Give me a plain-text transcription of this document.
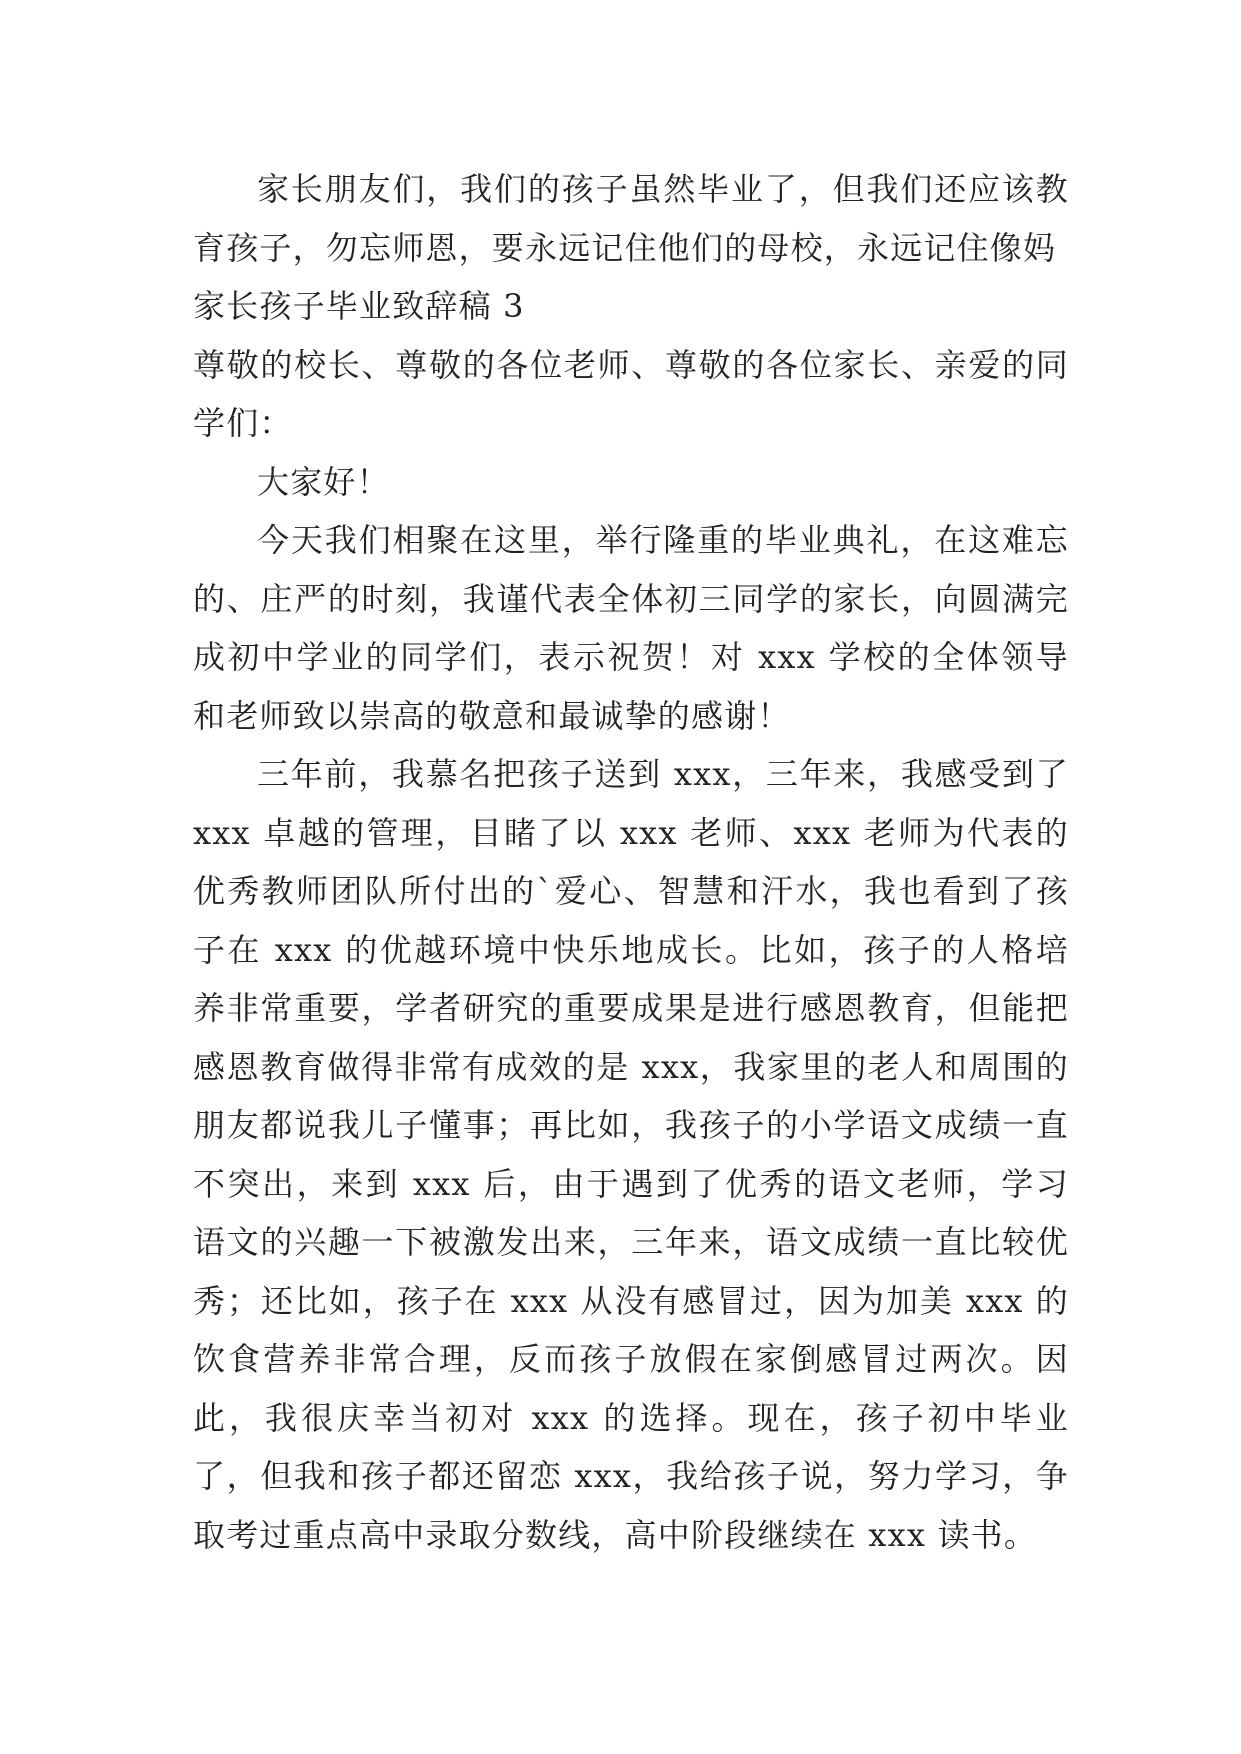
家长朋友们，我们的孩子虽然毕业了，但我们还应该教育孩子，勿忘师恩，要永远记住他们的母校，永远记住像妈

家长孩子毕业致辞稿 3

尊敬的校长、尊敬的各位老师、尊敬的各位家长、亲爱的同学们：

大家好！

今天我们相聚在这里，举行隆重的毕业典礼，在这难忘的、庄严的时刻，我谨代表全体初三同学的家长，向圆满完成初中学业的同学们，表示祝贺！对 xxx 学校的全体领导和老师致以崇高的敬意和最诚挚的感谢！

三年前，我慕名把孩子送到 xxx，三年来，我感受到了 xxx 卓越的管理，目睹了以 xxx 老师、xxx 老师为代表的优秀教师团队所付出的`爱心、智慧和汗水，我也看到了孩子在 xxx 的优越环境中快乐地成长。比如，孩子的人格培养非常重要，学者研究的重要成果是进行感恩教育，但能把感恩教育做得非常有成效的是 xxx，我家里的老人和周围的朋友都说我儿子懂事；再比如，我孩子的小学语文成绩一直不突出，来到 xxx 后，由于遇到了优秀的语文老师，学习语文的兴趣一下被激发出来，三年来，语文成绩一直比较优秀；还比如，孩子在 xxx 从没有感冒过，因为加美 xxx 的饮食营养非常合理，反而孩子放假在家倒感冒过两次。因此，我很庆幸当初对 xxx 的选择。现在，孩子初中毕业了，但我和孩子都还留恋 xxx，我给孩子说，努力学习，争取考过重点高中录取分数线，高中阶段继续在 xxx 读书。
